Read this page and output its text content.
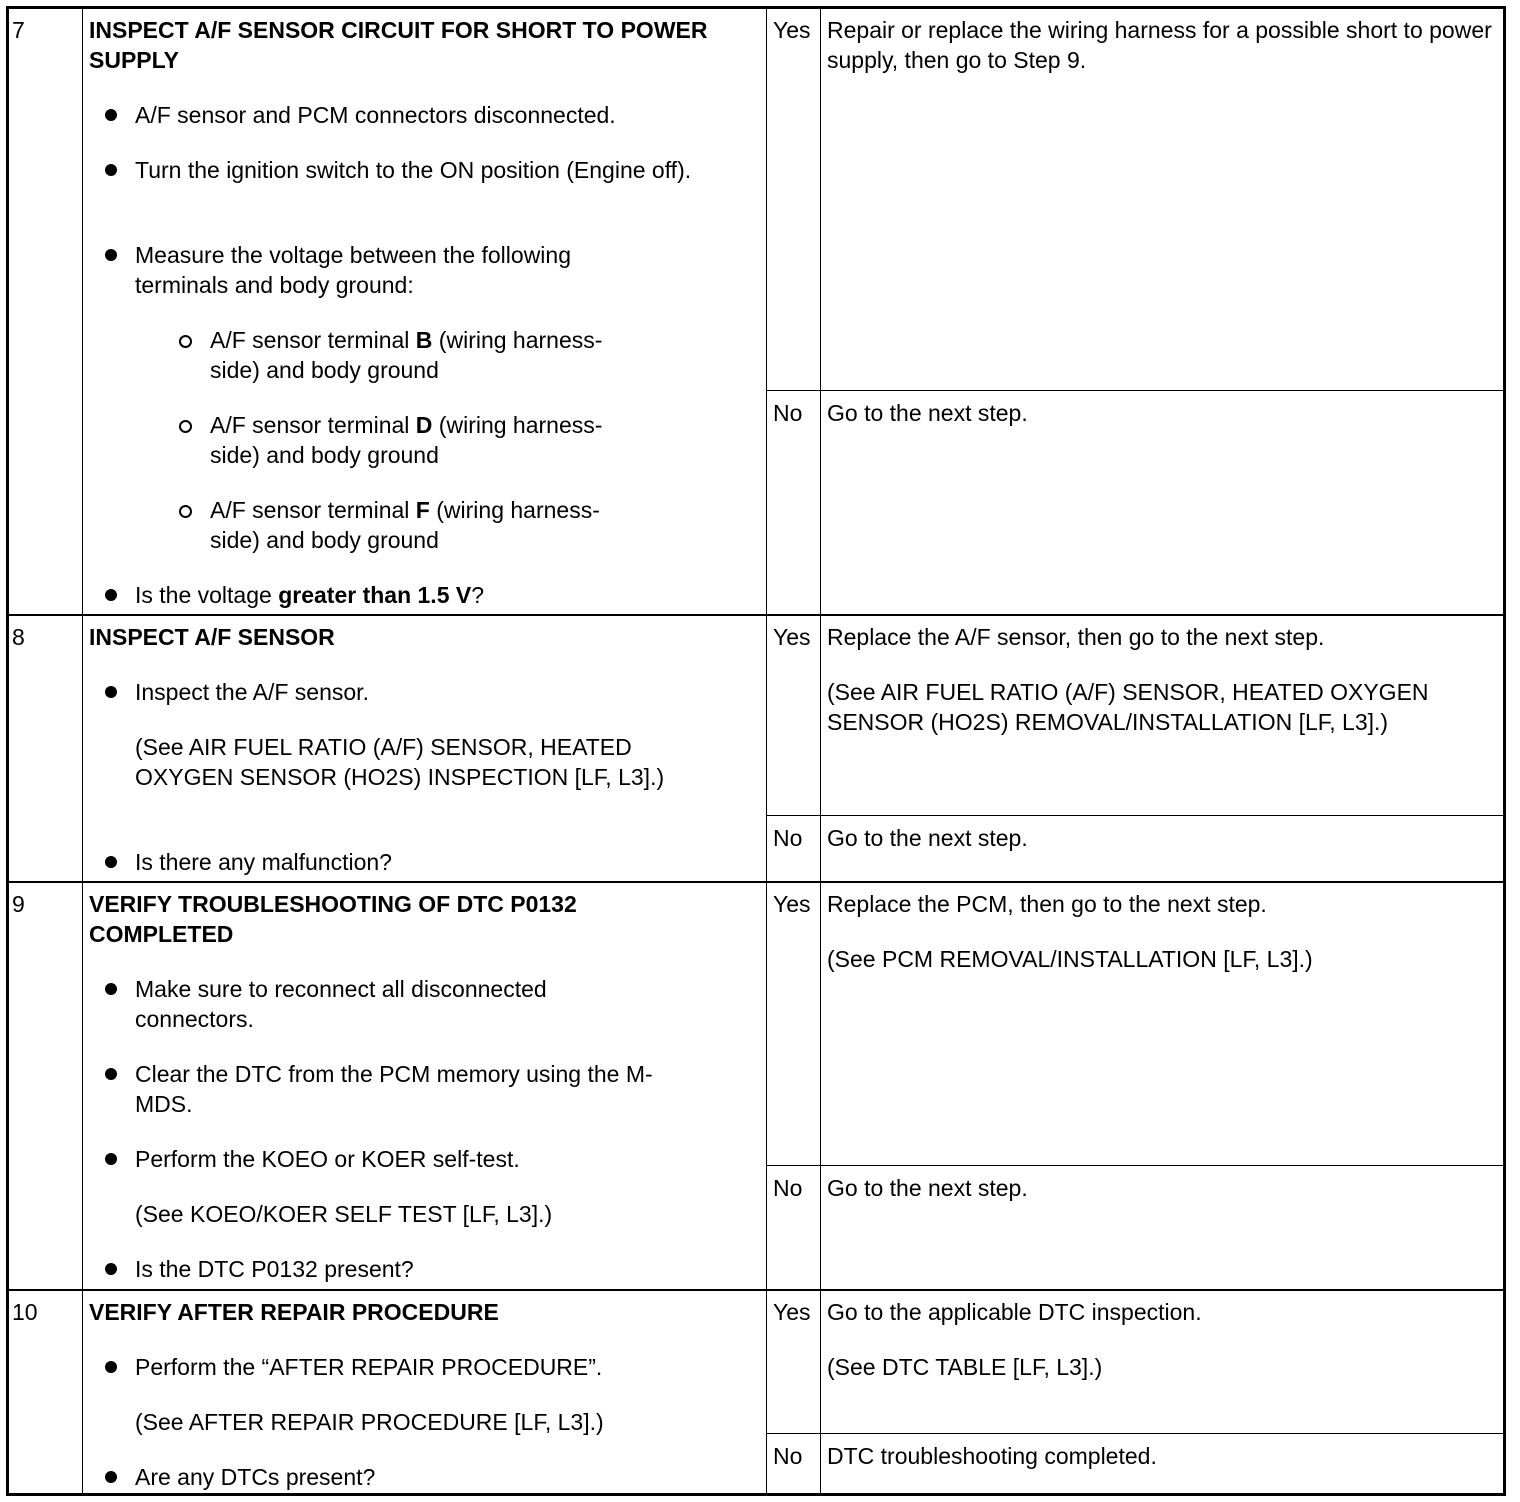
7	INSPECT A/F SENSOR CIRCUIT FOR SHORT TO POWER SUPPLY
A/F sensor and PCM connectors disconnected.
Turn the ignition switch to the ON position (Engine off).
Measure the voltage between the following terminals and body ground:
A/F sensor terminal B (wiring harness-side) and body ground
A/F sensor terminal D (wiring harness-side) and body ground
A/F sensor terminal F (wiring harness-side) and body ground
Is the voltage greater than 1.5 V?
Yes Repair or replace the wiring harness for a possible short to power supply, then go to Step 9.
No Go to the next step.
8	INSPECT A/F SENSOR
Inspect the A/F sensor.
(See AIR FUEL RATIO (A/F) SENSOR, HEATED OXYGEN SENSOR (HO2S) INSPECTION [LF, L3].)
Is there any malfunction?
Yes Replace the A/F sensor, then go to the next step.
(See AIR FUEL RATIO (A/F) SENSOR, HEATED OXYGEN SENSOR (HO2S) REMOVAL/INSTALLATION [LF, L3].)
No Go to the next step.
9	VERIFY TROUBLESHOOTING OF DTC P0132 COMPLETED
Make sure to reconnect all disconnected connectors.
Clear the DTC from the PCM memory using the M-MDS.
Perform the KOEO or KOER self-test.
(See KOEO/KOER SELF TEST [LF, L3].)
Is the DTC P0132 present?
Yes Replace the PCM, then go to the next step.
(See PCM REMOVAL/INSTALLATION [LF, L3].)
No Go to the next step.
10 VERIFY AFTER REPAIR PROCEDURE
Perform the “AFTER REPAIR PROCEDURE”.
(See AFTER REPAIR PROCEDURE [LF, L3].)
Are any DTCs present?
Yes Go to the applicable DTC inspection.
(See DTC TABLE [LF, L3].)
No DTC troubleshooting completed.
